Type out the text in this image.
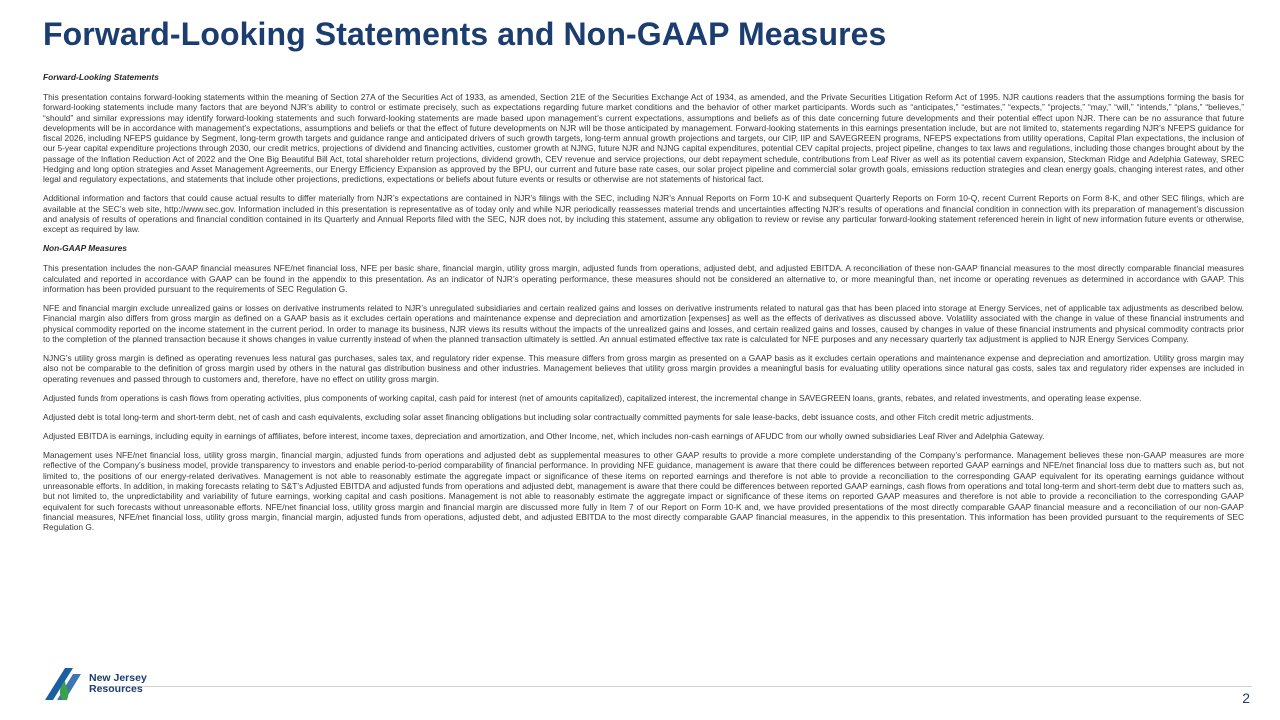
Forward-Looking Statements and Non-GAAP Measures

Forward-Looking Statements

This presentation contains forward-looking statements within the meaning of Section 27A of the Securities Act of 1933, as amended, Section 21E of the Securities Exchange Act of 1934, as amended, and the Private Securities Litigation Reform Act of 1995. NJR cautions readers that the assumptions forming the basis for forward-looking statements include many factors that are beyond NJR’s ability to control or estimate precisely, such as expectations regarding future market conditions and the behavior of other market participants. Words such as “anticipates,” “estimates,” “expects,” “projects,” “may,” “will,” “intends,” “plans,” “believes,” “should” and similar expressions may identify forward-looking statements and such forward-looking statements are made based upon management’s current expectations, assumptions and beliefs as of this date concerning future developments and their potential effect upon NJR. There can be no assurance that future developments will be in accordance with management’s expectations, assumptions and beliefs or that the effect of future developments on NJR will be those anticipated by management. Forward-looking statements in this earnings presentation include, but are not limited to, statements regarding NJR’s NFEPS guidance for fiscal 2026, including NFEPS guidance by Segment, long-term growth targets and guidance range and anticipated drivers of such growth targets, long-term annual growth projections and targets, our CIP, IIP and SAVEGREEN programs, NFEPS expectations from utility operations, Capital Plan expectations, the inclusion of our 5-year capital expenditure projections through 2030, our credit metrics, projections of dividend and financing activities, customer growth at NJNG, future NJR and NJNG capital expenditures, potential CEV capital projects, project pipeline, changes to tax laws and regulations, including those changes brought about by the passage of the Inflation Reduction Act of 2022 and the One Big Beautiful Bill Act, total shareholder return projections, dividend growth, CEV revenue and service projections, our debt repayment schedule, contributions from Leaf River as well as its potential cavern expansion, Steckman Ridge and Adelphia Gateway, SREC Hedging and long option strategies and Asset Management Agreements, our Energy Efficiency Expansion as approved by the BPU, our current and future base rate cases, our solar project pipeline and commercial solar growth goals, emissions reduction strategies and clean energy goals, changing interest rates, and other legal and regulatory expectations, and statements that include other projections, predictions, expectations or beliefs about future events or results or otherwise are not statements of historical fact.

Additional information and factors that could cause actual results to differ materially from NJR’s expectations are contained in NJR’s filings with the SEC, including NJR’s Annual Reports on Form 10-K and subsequent Quarterly Reports on Form 10-Q, recent Current Reports on Form 8-K, and other SEC filings, which are available at the SEC’s web site, http://www.sec.gov. Information included in this presentation is representative as of today only and while NJR periodically reassesses material trends and uncertainties affecting NJR’s results of operations and financial condition in connection with its preparation of management’s discussion and analysis of results of operations and financial condition contained in its Quarterly and Annual Reports filed with the SEC, NJR does not, by including this statement, assume any obligation to review or revise any particular forward-looking statement referenced herein in light of new information future events or otherwise, except as required by law.

Non-GAAP Measures

This presentation includes the non-GAAP financial measures NFE/net financial loss, NFE per basic share, financial margin, utility gross margin, adjusted funds from operations, adjusted debt, and adjusted EBITDA. A reconciliation of these non-GAAP financial measures to the most directly comparable financial measures calculated and reported in accordance with GAAP can be found in the appendix to this presentation. As an indicator of NJR’s operating performance, these measures should not be considered an alternative to, or more meaningful than, net income or operating revenues as determined in accordance with GAAP. This information has been provided pursuant to the requirements of SEC Regulation G.

NFE and financial margin exclude unrealized gains or losses on derivative instruments related to NJR’s unregulated subsidiaries and certain realized gains and losses on derivative instruments related to natural gas that has been placed into storage at Energy Services, net of applicable tax adjustments as described below. Financial margin also differs from gross margin as defined on a GAAP basis as it excludes certain operations and maintenance expense and depreciation and amortization [expenses] as well as the effects of derivatives as discussed above. Volatility associated with the change in value of these financial instruments and physical commodity reported on the income statement in the current period. In order to manage its business, NJR views its results without the impacts of the unrealized gains and losses, and certain realized gains and losses, caused by changes in value of these financial instruments and physical commodity contracts prior to the completion of the planned transaction because it shows changes in value currently instead of when the planned transaction ultimately is settled. An annual estimated effective tax rate is calculated for NFE purposes and any necessary quarterly tax adjustment is applied to NJR Energy Services Company.

NJNG’s utility gross margin is defined as operating revenues less natural gas purchases, sales tax, and regulatory rider expense. This measure differs from gross margin as presented on a GAAP basis as it excludes certain operations and maintenance expense and depreciation and amortization. Utility gross margin may also not be comparable to the definition of gross margin used by others in the natural gas distribution business and other industries. Management believes that utility gross margin provides a meaningful basis for evaluating utility operations since natural gas costs, sales tax and regulatory rider expenses are included in operating revenues and passed through to customers and, therefore, have no effect on utility gross margin.

Adjusted funds from operations is cash flows from operating activities, plus components of working capital, cash paid for interest (net of amounts capitalized), capitalized interest, the incremental change in SAVEGREEN loans, grants, rebates, and related investments, and operating lease expense.

Adjusted debt is total long-term and short-term debt, net of cash and cash equivalents, excluding solar asset financing obligations but including solar contractually committed payments for sale lease-backs, debt issuance costs, and other Fitch credit metric adjustments.

Adjusted EBITDA is earnings, including equity in earnings of affiliates, before interest, income taxes, depreciation and amortization, and Other Income, net, which includes non-cash earnings of AFUDC from our wholly owned subsidiaries Leaf River and Adelphia Gateway.

Management uses NFE/net financial loss, utility gross margin, financial margin, adjusted funds from operations and adjusted debt as supplemental measures to other GAAP results to provide a more complete understanding of the Company’s performance. Management believes these non-GAAP measures are more reflective of the Company’s business model, provide transparency to investors and enable period-to-period comparability of financial performance. In providing NFE guidance, management is aware that there could be differences between reported GAAP earnings and NFE/net financial loss due to matters such as, but not limited to, the positions of our energy-related derivatives. Management is not able to reasonably estimate the aggregate impact or significance of these items on reported earnings and therefore is not able to provide a reconciliation to the corresponding GAAP equivalent for its operating earnings guidance without unreasonable efforts. In addition, in making forecasts relating to S&T’s Adjusted EBITDA and adjusted funds from operations and adjusted debt, management is aware that there could be differences between reported GAAP earnings, cash flows from operations and total long-term and short-term debt due to matters such as, but not limited to, the unpredictability and variability of future earnings, working capital and cash positions. Management is not able to reasonably estimate the aggregate impact or significance of these items on reported GAAP measures and therefore is not able to provide a reconciliation to the corresponding GAAP equivalent for such forecasts without unreasonable efforts. NFE/net financial loss, utility gross margin and financial margin are discussed more fully in Item 7 of our Report on Form 10-K and, we have provided presentations of the most directly comparable GAAP financial measure and a reconciliation of our non-GAAP financial measures, NFE/net financial loss, utility gross margin, financial margin, adjusted funds from operations, adjusted debt, and adjusted EBITDA to the most directly comparable GAAP financial measures, in the appendix to this presentation. This information has been provided pursuant to the requirements of SEC Regulation G.

New Jersey
Resources
2
